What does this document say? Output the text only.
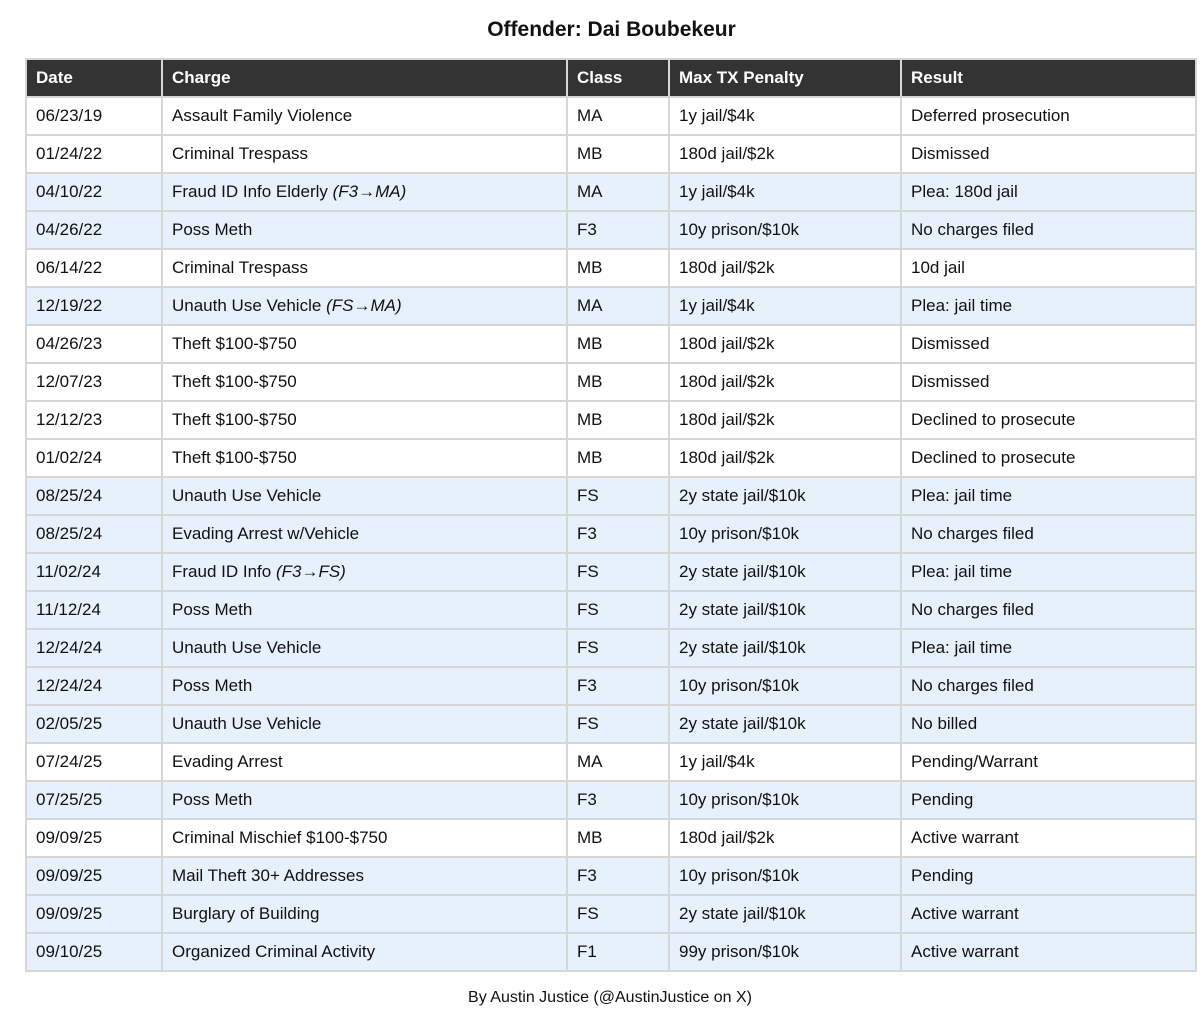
Offender: Dai Boubekeur
Date	Charge	Class	Max TX Penalty	Result
06/23/19	Assault Family Violence	MA	1y jail/$4k	Deferred prosecution
01/24/22	Criminal Trespass	MB	180d jail/$2k	Dismissed
04/10/22	Fraud ID Info Elderly (F3→MA)	MA	1y jail/$4k	Plea: 180d jail
04/26/22	Poss Meth	F3	10y prison/$10k	No charges filed
06/14/22	Criminal Trespass	MB	180d jail/$2k	10d jail
12/19/22	Unauth Use Vehicle (FS→MA)	MA	1y jail/$4k	Plea: jail time
04/26/23	Theft $100-$750	MB	180d jail/$2k	Dismissed
12/07/23	Theft $100-$750	MB	180d jail/$2k	Dismissed
12/12/23	Theft $100-$750	MB	180d jail/$2k	Declined to prosecute
01/02/24	Theft $100-$750	MB	180d jail/$2k	Declined to prosecute
08/25/24	Unauth Use Vehicle	FS	2y state jail/$10k	Plea: jail time
08/25/24	Evading Arrest w/Vehicle	F3	10y prison/$10k	No charges filed
11/02/24	Fraud ID Info (F3→FS)	FS	2y state jail/$10k	Plea: jail time
11/12/24	Poss Meth	FS	2y state jail/$10k	No charges filed
12/24/24	Unauth Use Vehicle	FS	2y state jail/$10k	Plea: jail time
12/24/24	Poss Meth	F3	10y prison/$10k	No charges filed
02/05/25	Unauth Use Vehicle	FS	2y state jail/$10k	No billed
07/24/25	Evading Arrest	MA	1y jail/$4k	Pending/Warrant
07/25/25	Poss Meth	F3	10y prison/$10k	Pending
09/09/25	Criminal Mischief $100-$750	MB	180d jail/$2k	Active warrant
09/09/25	Mail Theft 30+ Addresses	F3	10y prison/$10k	Pending
09/09/25	Burglary of Building	FS	2y state jail/$10k	Active warrant
09/10/25	Organized Criminal Activity	F1	99y prison/$10k	Active warrant
By Austin Justice (@AustinJustice on X)
